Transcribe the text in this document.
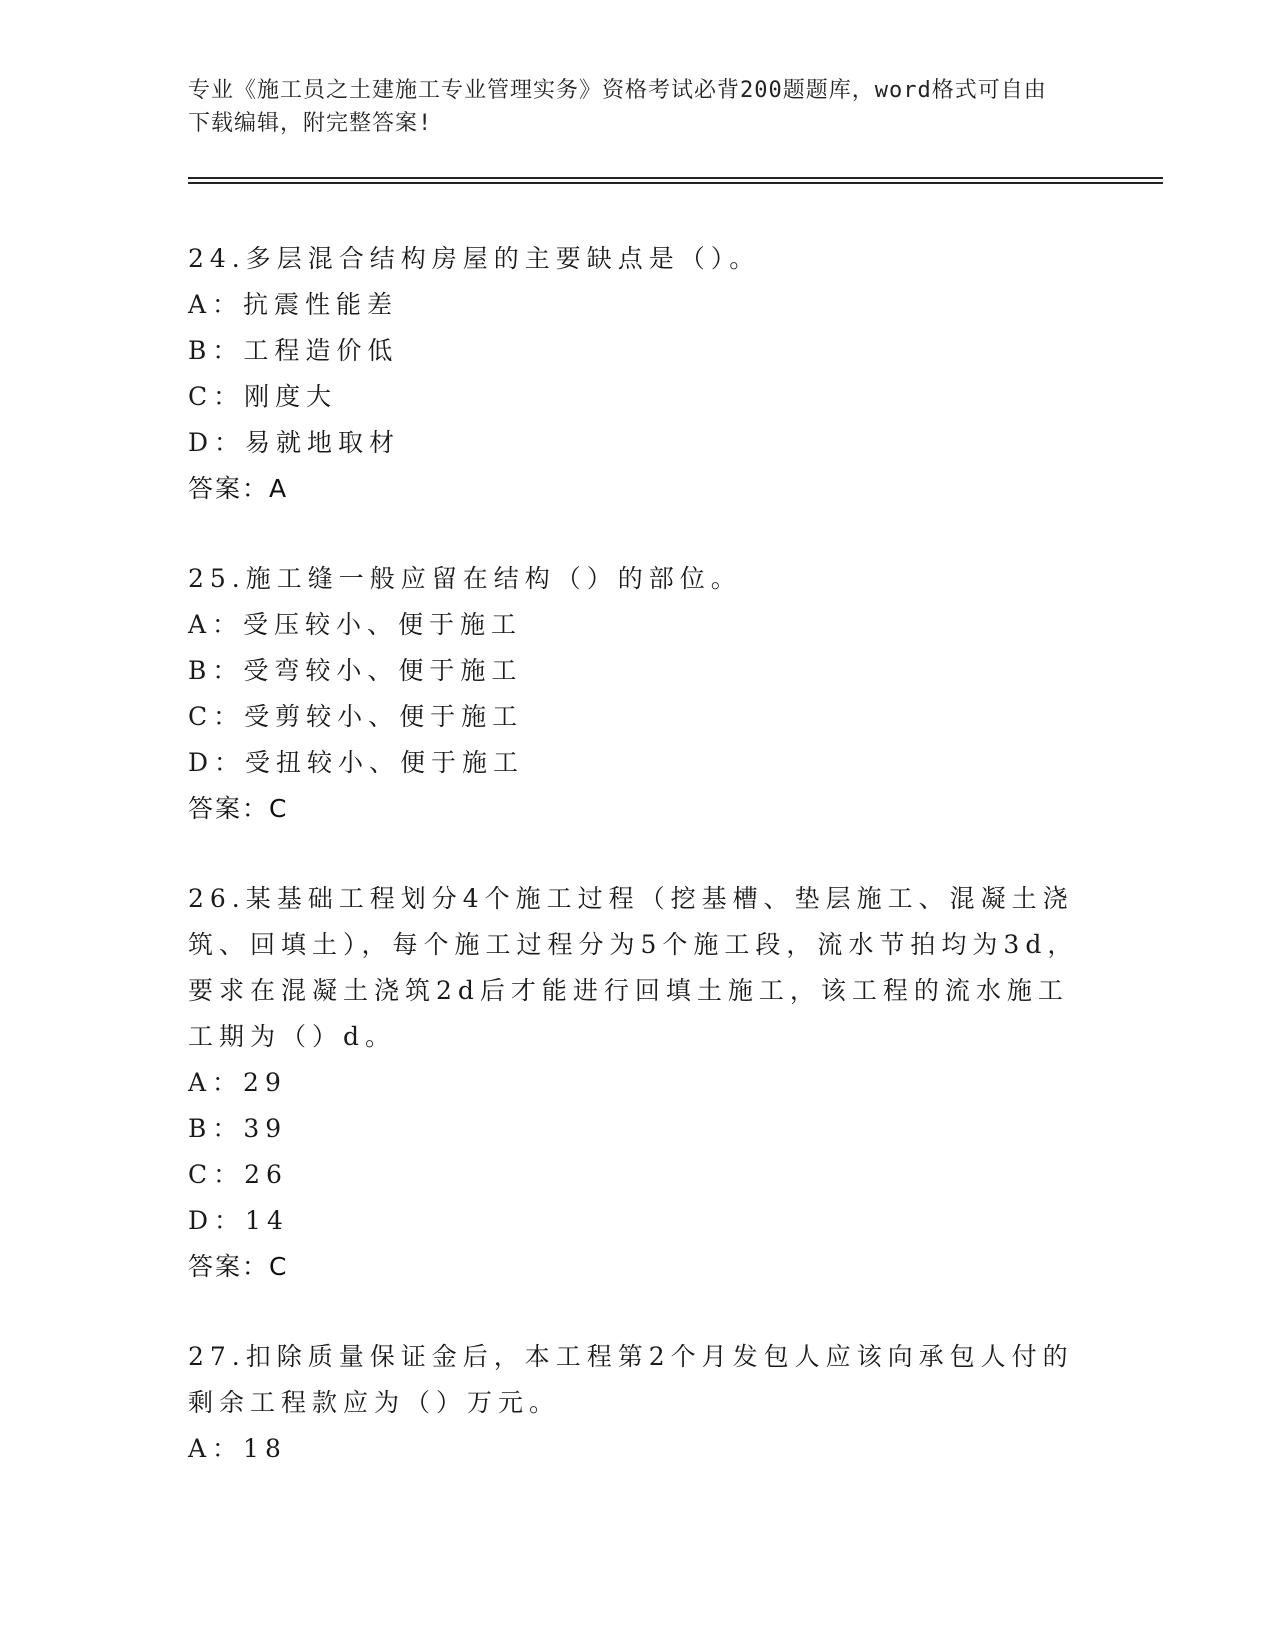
专业《施工员之土建施工专业管理实务》资格考试必背200题题库，word格式可自由下载编辑，附完整答案!

24.多层混合结构房屋的主要缺点是（）。

A：抗震性能差

B：工程造价低

C：刚度大

D：易就地取材

答案：A

25.施工缝一般应留在结构（）的部位。

A：受压较小、便于施工

B：受弯较小、便于施工

C：受剪较小、便于施工

D：受扭较小、便于施工

答案：C

26.某基础工程划分4个施工过程（挖基槽、垫层施工、混凝土浇筑、回填土），每个施工过程分为5个施工段，流水节拍均为3d，要求在混凝土浇筑2d后才能进行回填土施工，该工程的流水施工工期为（）d。

A：29

B：39

C：26

D：14

答案：C

27.扣除质量保证金后，本工程第2个月发包人应该向承包人付的剩余工程款应为（）万元。

A：18
